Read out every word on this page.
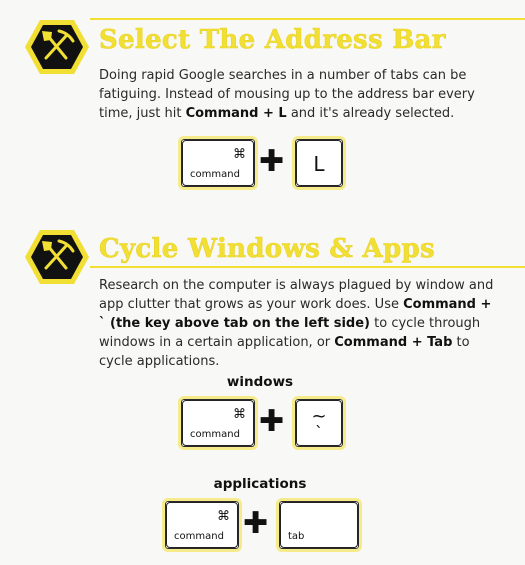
Select The Address Bar

Doing rapid Google searches in a number of tabs can be fatiguing. Instead of mousing up to the address bar every time, just hit Command + L and it's already selected.

⌘
command ✚	L
Cycle Windows & Apps

Research on the computer is always plagued by window and app clutter that grows as your work does. Use Command + ` (the key above tab on the left side) to cycle through windows in a certain application, or Command + Tab to cycle applications.

windows

⌘
command ✚	~
`

applications

⌘
command ✚ tab
